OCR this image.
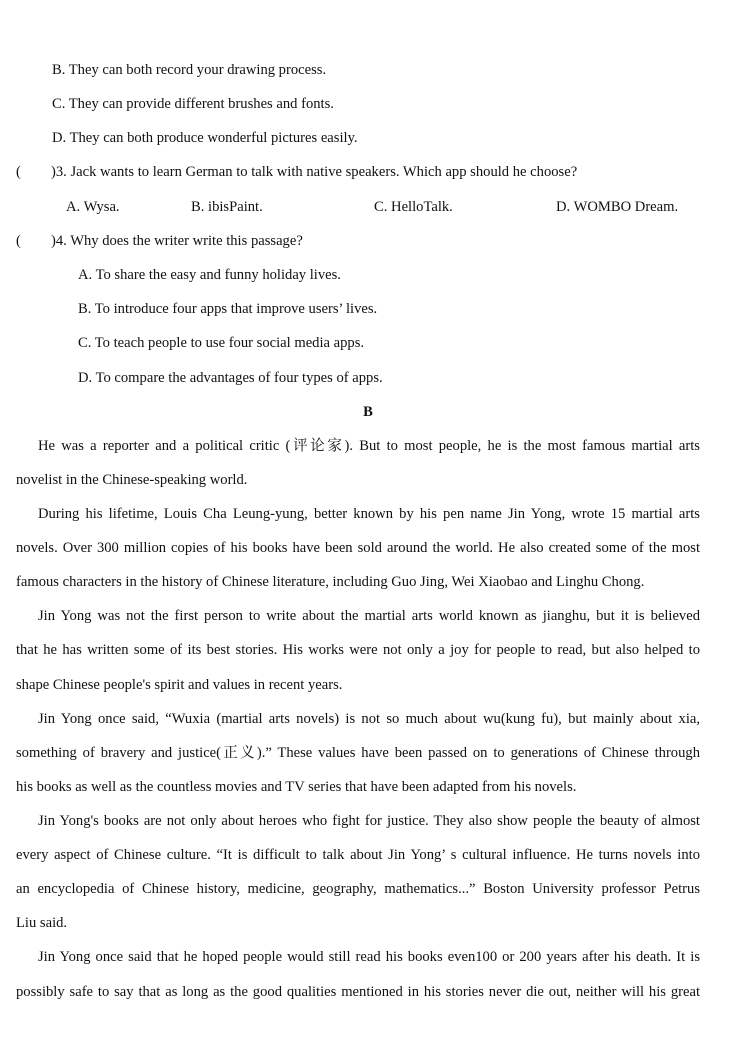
B. They can both record your drawing process.
C. They can provide different brushes and fonts.
D. They can both produce wonderful pictures easily.
( )3. Jack wants to learn German to talk with native speakers. Which app should he choose?
A. Wysa.	B. ibisPaint.	C. HelloTalk.	D. WOMBO Dream.
( )4. Why does the writer write this passage?
A. To share the easy and funny holiday lives.
B. To introduce four apps that improve users’ lives.
C. To teach people to use four social media apps.
D. To compare the advantages of four types of apps.
B
He was a reporter and a political critic (评论家). But to most people, he is the most famous martial arts
novelist in the Chinese-speaking world.
During his lifetime, Louis Cha Leung-yung, better known by his pen name Jin Yong, wrote 15 martial arts
novels. Over 300 million copies of his books have been sold around the world. He also created some of the most
famous characters in the history of Chinese literature, including Guo Jing, Wei Xiaobao and Linghu Chong.
Jin Yong was not the first person to write about the martial arts world known as jianghu, but it is believed
that he has written some of its best stories. His works were not only a joy for people to read, but also helped to
shape Chinese people's spirit and values in recent years.
Jin Yong once said, “Wuxia (martial arts novels) is not so much about wu(kung fu), but mainly about xia,
something of bravery and justice(正义).” These values have been passed on to generations of Chinese through
his books as well as the countless movies and TV series that have been adapted from his novels.
Jin Yong's books are not only about heroes who fight for justice. They also show people the beauty of almost
every aspect of Chinese culture. “It is difficult to talk about Jin Yong’ s cultural influence. He turns novels into
an encyclopedia of Chinese history, medicine, geography, mathematics...” Boston University professor Petrus
Liu said.
Jin Yong once said that he hoped people would still read his books even100 or 200 years after his death. It is
possibly safe to say that as long as the good qualities mentioned in his stories never die out, neither will his great
